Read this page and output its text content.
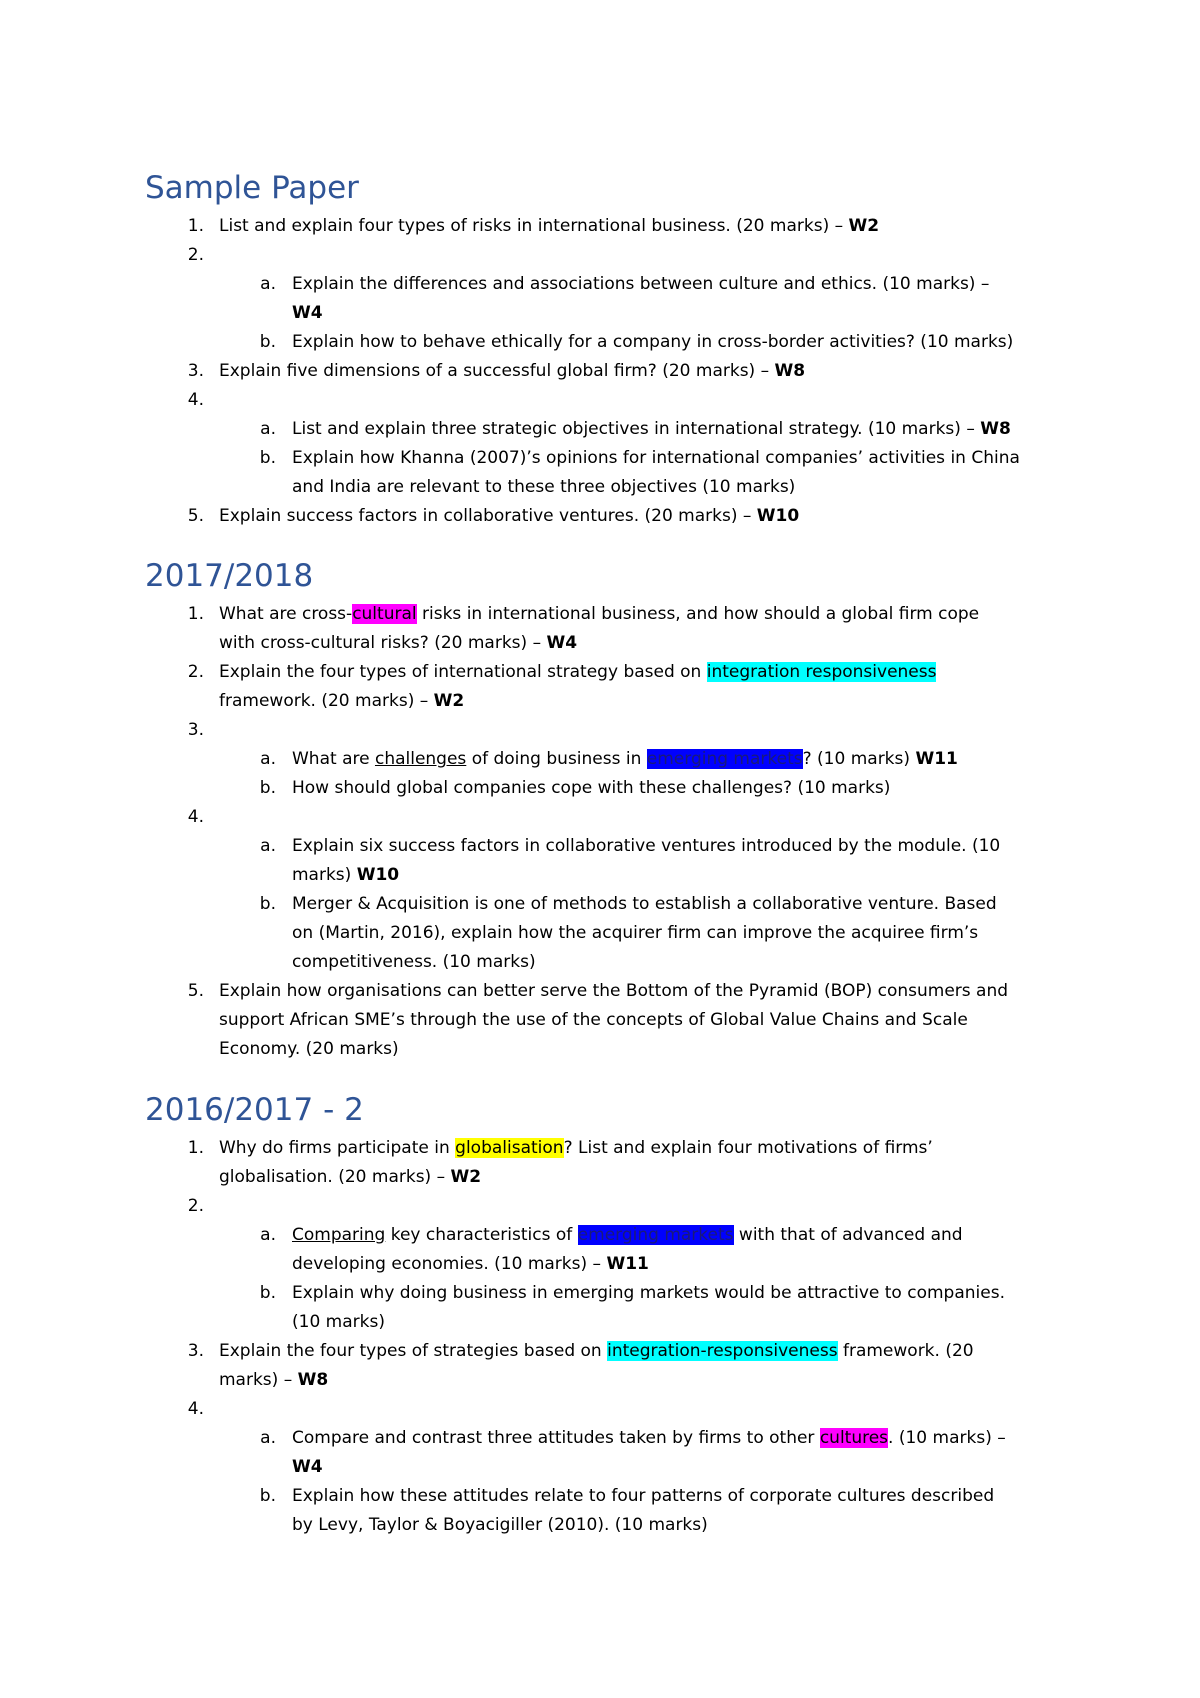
Sample Paper
1. List and explain four types of risks in international business. (20 marks) – W2
2.
a. Explain the differences and associations between culture and ethics. (10 marks) –
W4
b. Explain how to behave ethically for a company in cross-border activities? (10 marks)
3. Explain five dimensions of a successful global firm? (20 marks) – W8
4.
a. List and explain three strategic objectives in international strategy. (10 marks) – W8
b. Explain how Khanna (2007)’s opinions for international companies’ activities in China
and India are relevant to these three objectives (10 marks)
5. Explain success factors in collaborative ventures. (20 marks) – W10
2017/2018
1. What are cross-cultural risks in international business, and how should a global firm cope
with cross-cultural risks? (20 marks) – W4
2. Explain the four types of international strategy based on integration responsiveness
framework. (20 marks) – W2
3.
a. What are challenges of doing business in emerging markets? (10 marks) W11
b. How should global companies cope with these challenges? (10 marks)
4.
a. Explain six success factors in collaborative ventures introduced by the module. (10
marks) W10
b. Merger & Acquisition is one of methods to establish a collaborative venture. Based
on (Martin, 2016), explain how the acquirer firm can improve the acquiree firm’s
competitiveness. (10 marks)
5. Explain how organisations can better serve the Bottom of the Pyramid (BOP) consumers and
support African SME’s through the use of the concepts of Global Value Chains and Scale
Economy. (20 marks)
2016/2017 - 2
1. Why do firms participate in globalisation? List and explain four motivations of firms’
globalisation. (20 marks) – W2
2.
a. Comparing key characteristics of emerging markets with that of advanced and
developing economies. (10 marks) – W11
b. Explain why doing business in emerging markets would be attractive to companies.
(10 marks)
3. Explain the four types of strategies based on integration-responsiveness framework. (20
marks) – W8
4.
a. Compare and contrast three attitudes taken by firms to other cultures. (10 marks) –
W4
b. Explain how these attitudes relate to four patterns of corporate cultures described
by Levy, Taylor & Boyacigiller (2010). (10 marks)
